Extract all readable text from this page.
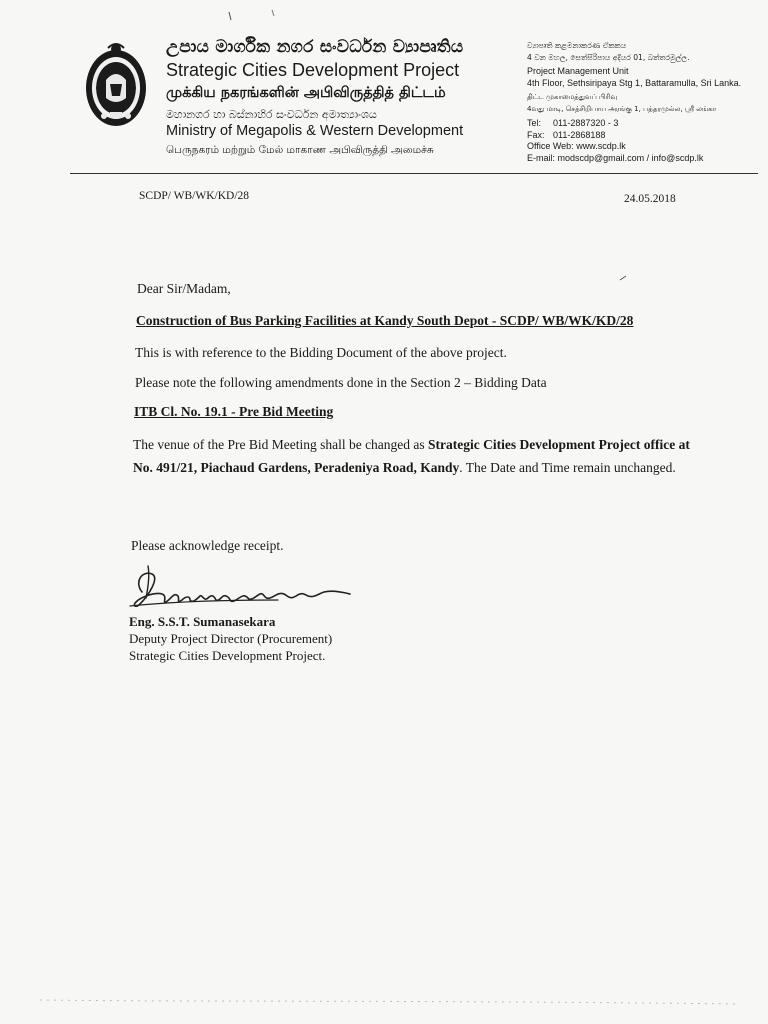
උපාය මාර්ගික නගර සංවර්ධන ව්‍යාපෘතිය
Strategic Cities Development Project
முக்கிய நகரங்களின் அபிவிருத்தித் திட்டம்
මහානගර හා බස්නාහිර සංවර්ධන අමාත්‍යාංශය
Ministry of Megapolis & Western Development
பெருநகரம் மற்றும் மேல் மாகாண அபிவிருத்தி அமைச்சு
ව්‍යාපෘති කළමනාකරණ ඒකකය
4 වන මහල, සෙත්සිරිපාය අදියර 01, බත්තරමුල්ල.
Project Management Unit
4th Floor, Sethsiripaya Stg 1, Battaramulla, Sri Lanka.
திட்ட முகாமைத்துவப் பிரிவு
4வது மாடி, செத்சிறிபாய அரங்கு 1, பத்தரமுல்ல, ஸ்ரீ லங்கா
Tel: 011-2887320 - 3
Fax: 011-2868188
Office Web: www.scdp.lk
E-mail: modscdp@gmail.com / info@scdp.lk
SCDP/ WB/WK/KD/28	24.05.2018
Dear Sir/Madam,
Construction of Bus Parking Facilities at Kandy South Depot - SCDP/ WB/WK/KD/28
This is with reference to the Bidding Document of the above project.
Please note the following amendments done in the Section 2 – Bidding Data
ITB Cl. No. 19.1 - Pre Bid Meeting
The venue of the Pre Bid Meeting shall be changed as Strategic Cities Development Project office at No. 491/21, Piachaud Gardens, Peradeniya Road, Kandy. The Date and Time remain unchanged.
Please acknowledge receipt.
Eng. S.S.T. Sumanasekara
Deputy Project Director (Procurement)
Strategic Cities Development Project.
